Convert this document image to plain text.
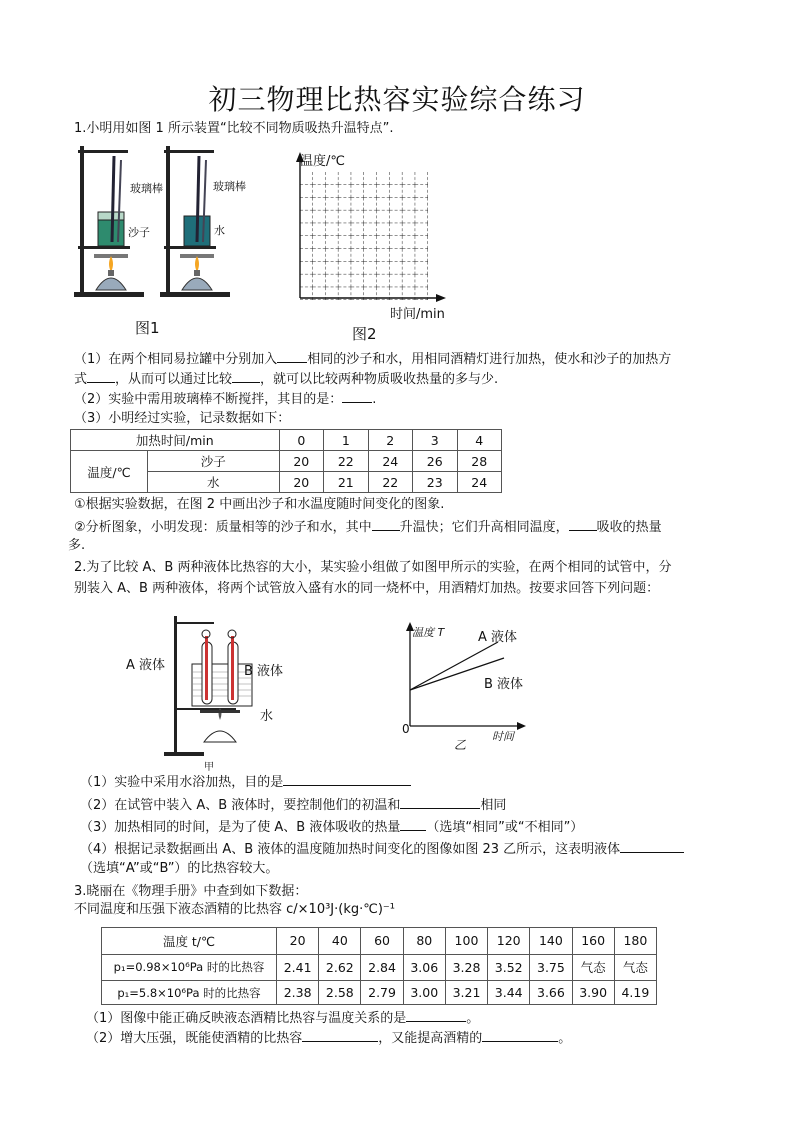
初三物理比热容实验综合练习
1.小明用如图 1 所示装置“比较不同物质吸热升温特点”.
玻璃棒	玻璃棒
沙子	水
图1
温度/℃
时间/min
图2
（1）在两个相同易拉罐中分别加入 相同的沙子和水，用相同酒精灯进行加热，使水和沙子的加热方
式 ，从而可以通过比较 ，就可以比较两种物质吸收热量的多与少.
（2）实验中需用玻璃棒不断搅拌，其目的是： .
（3）小明经过实验，记录数据如下：
加热时间/min		0	1	2	3	4
温度/℃	沙子	20	22	24	26	28
	水	20	21	22	23	24
①根据实验数据，在图 2 中画出沙子和水温度随时间变化的图象.
②分析图象，小明发现：质量相等的沙子和水，其中 升温快；它们升高相同温度， 吸收的热量
多.
2.为了比较 A、B 两种液体比热容的大小，某实验小组做了如图甲所示的实验，在两个相同的试管中，分
别装入 A、B 两种液体，将两个试管放入盛有水的同一烧杯中，用酒精灯加热。按要求回答下列问题：
A 液体	B 液体
水
甲
温度 T	A 液体
B 液体
0
乙
时间
（1）实验中采用水浴加热，目的是
（2）在试管中装入 A、B 液体时，要控制他们的初温和	相同
（3）加热相同的时间，是为了使 A、B 液体吸收的热量 （选填“相同”或“不相同”）
（4）根据记录数据画出 A、B 液体的温度随加热时间变化的图像如图 23 乙所示，这表明液体
（选填“A”或“B”）的比热容较大。
3.晓丽在《物理手册》中查到如下数据：
不同温度和压强下液态酒精的比热容 c/×10³J·(kg·℃)⁻¹
温度 t/℃	20	40	60	80	100	120	140	160	180
p₁=0.98×10⁶Pa 时的比热容	2.41	2.62	2.84	3.06	3.28	3.52	3.75	气态	气态
p₁=5.8×10⁶Pa 时的比热容	2.38	2.58	2.79	3.00	3.21	3.44	3.66	3.90	4.19
（1）图像中能正确反映液态酒精比热容与温度关系的是	。
（2）增大压强，既能使酒精的比热容	，又能提高酒精的	。
